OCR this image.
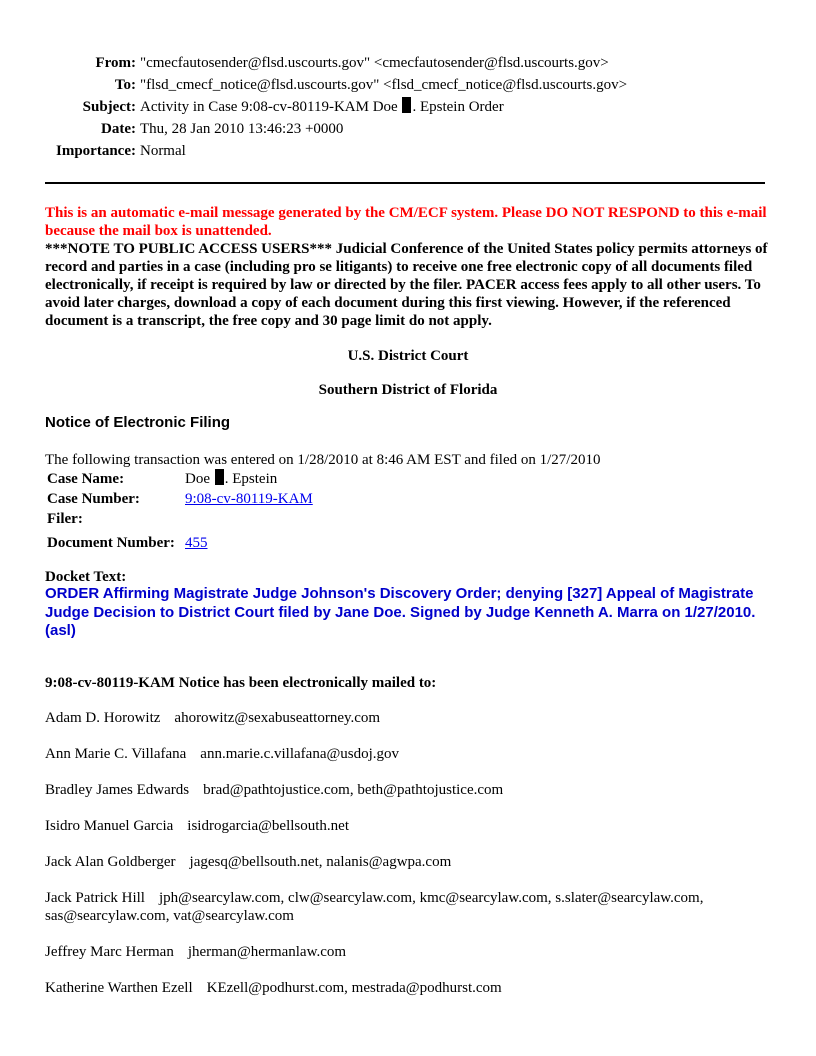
From:	"cmecfautosender@flsd.uscourts.gov" <cmecfautosender@flsd.uscourts.gov>
To:	"flsd_cmecf_notice@flsd.uscourts.gov" <flsd_cmecf_notice@flsd.uscourts.gov>
Subject:	Activity in Case 9:08-cv-80119-KAM Doe . Epstein Order
Date:	Thu, 28 Jan 2010 13:46:23 +0000
Importance:	Normal
This is an automatic e-mail message generated by the CM/ECF system. Please DO NOT RESPOND to this e-mail because the mail box is unattended.
***NOTE TO PUBLIC ACCESS USERS*** Judicial Conference of the United States policy permits attorneys of record and parties in a case (including pro se litigants) to receive one free electronic copy of all documents filed electronically, if receipt is required by law or directed by the filer. PACER access fees apply to all other users. To avoid later charges, download a copy of each document during this first viewing. However, if the referenced document is a transcript, the free copy and 30 page limit do not apply.
U.S. District Court
Southern District of Florida
Notice of Electronic Filing
The following transaction was entered on 1/28/2010 at 8:46 AM EST and filed on 1/27/2010
Case Name:	Doe . Epstein
Case Number:	9:08-cv-80119-KAM
Filer:	
Document Number:	455
Docket Text:
ORDER Affirming Magistrate Judge Johnson's Discovery Order; denying [327] Appeal of Magistrate Judge Decision to District Court filed by Jane Doe. Signed by Judge Kenneth A. Marra on 1/27/2010. (asl)
9:08-cv-80119-KAM Notice has been electronically mailed to:
Adam D. Horowitz ahorowitz@sexabuseattorney.com
Ann Marie C. Villafana ann.marie.c.villafana@usdoj.gov
Bradley James Edwards brad@pathtojustice.com, beth@pathtojustice.com
Isidro Manuel Garcia isidrogarcia@bellsouth.net
Jack Alan Goldberger jagesq@bellsouth.net, nalanis@agwpa.com
Jack Patrick Hill jph@searcylaw.com, clw@searcylaw.com, kmc@searcylaw.com, s.slater@searcylaw.com, sas@searcylaw.com, vat@searcylaw.com
Jeffrey Marc Herman jherman@hermanlaw.com
Katherine Warthen Ezell KEzell@podhurst.com, mestrada@podhurst.com
